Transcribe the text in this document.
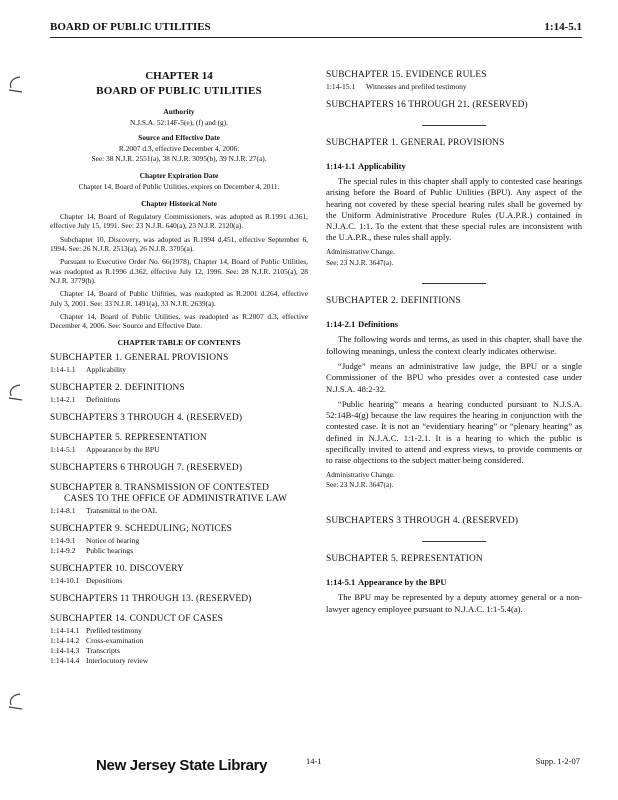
BOARD OF PUBLIC UTILITIES	1:14-5.1
CHAPTER 14
BOARD OF PUBLIC UTILITIES
Authority
N.J.S.A. 52:14F-5(e), (f) and (g).
Source and Effective Date
R.2007 d.3, effective December 4, 2006.
See: 38 N.J.R. 2551(a), 38 N.J.R. 3095(b), 39 N.J.R. 27(a).
Chapter Expiration Date
Chapter 14, Board of Public Utilities, expires on December 4, 2011.
Chapter Historical Note

Chapter 14, Board of Regulatory Commissioners, was adopted as R.1991 d.361, effective July 15, 1991. See: 23 N.J.R. 640(a), 23 N.J.R. 2120(a).

Subchapter 10, Discovery, was adopted as R.1994 d.451, effective September 6, 1994. See: 26 N.J.R. 2513(a), 26 N.J.R. 3705(a).

Pursuant to Executive Order No. 66(1978), Chapter 14, Board of Public Utilities, was readopted as R.1996 d.362, effective July 12, 1996. See: 28 N.J.R. 2105(a), 28 N.J.R. 3779(b).

Chapter 14, Board of Public Utilities, was readopted as R.2001 d.264, effective July 3, 2001. See: 33 N.J.R. 1491(a), 33 N.J.R. 2639(a).

Chapter 14, Board of Public Utilities, was readopted as R.2007 d.3, effective December 4, 2006. See: Source and Effective Date.

CHAPTER TABLE OF CONTENTS
SUBCHAPTER 1. GENERAL PROVISIONS
1:14-1.1 Applicability
SUBCHAPTER 2. DEFINITIONS
1:14-2.1 Definitions
SUBCHAPTERS 3 THROUGH 4. (RESERVED)
SUBCHAPTER 5. REPRESENTATION
1:14-5.1 Appearance by the BPU
SUBCHAPTERS 6 THROUGH 7. (RESERVED)
SUBCHAPTER 8. TRANSMISSION OF CONTESTED
CASES TO THE OFFICE OF ADMINISTRATIVE LAW
1:14-8.1 Transmittal to the OAL
SUBCHAPTER 9. SCHEDULING; NOTICES
1:14-9.1 Notice of hearing
1:14-9.2 Public hearings
SUBCHAPTER 10. DISCOVERY
1:14-10.1 Depositions
SUBCHAPTERS 11 THROUGH 13. (RESERVED)
SUBCHAPTER 14. CONDUCT OF CASES
1:14-14.1 Prefiled testimony
1:14-14.2 Cross-examination
1:14-14.3 Transcripts
1:14-14.4 Interlocutory review
SUBCHAPTER 15. EVIDENCE RULES
1:14-15.1 Witnesses and prefiled testimony
SUBCHAPTERS 16 THROUGH 21. (RESERVED)
SUBCHAPTER 1. GENERAL PROVISIONS
1:14-1.1 Applicability

The special rules in this chapter shall apply to contested case hearings arising before the Board of Public Utilities (BPU). Any aspect of the hearing not covered by these special hearing rules shall be governed by the Uniform Administrative Procedure Rules (U.A.P.R.) contained in N.J.A.C. 1:1. To the extent that these special rules are inconsistent with the U.A.P.R., these rules shall apply.

Administrative Change.
See: 23 N.J.R. 3647(a).
SUBCHAPTER 2. DEFINITIONS
1:14-2.1 Definitions

The following words and terms, as used in this chapter, shall have the following meanings, unless the context clearly indicates otherwise.

“Judge” means an administrative law judge, the BPU or a single Commissioner of the BPU who presides over a contested case under N.J.S.A. 48:2-32.

“Public hearing” means a hearing conducted pursuant to N.J.S.A. 52:14B-4(g) because the law requires the hearing in conjunction with the contested case. It is not an “evidentiary hearing” or “plenary hearing” as defined in N.J.A.C. 1:1-2.1. It is a hearing to which the public is specifically invited to attend and express views, to provide comments or to raise objections to the subject matter being considered.

Administrative Change.
See: 23 N.J.R. 3647(a).
SUBCHAPTERS 3 THROUGH 4. (RESERVED)
SUBCHAPTER 5. REPRESENTATION
1:14-5.1 Appearance by the BPU

The BPU may be represented by a deputy attorney general or a non-lawyer agency employee pursuant to N.J.A.C. 1:1-5.4(a).

New Jersey State Library	14-1	Supp. 1-2-07
